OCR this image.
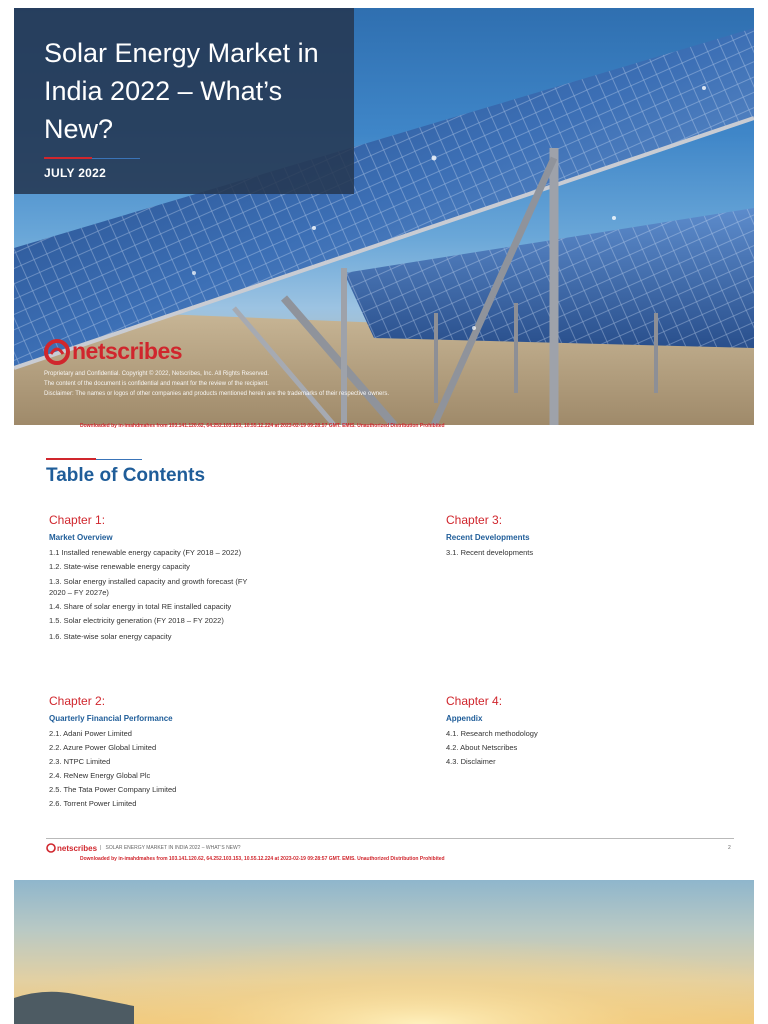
Solar Energy Market in India 2022 – What’s New?
JULY 2022
netscribes
Proprietary and Confidential. Copyright © 2022, Netscribes, Inc. All Rights Reserved.
The content of the document is confidential and meant for the review of the recipient.
Disclaimer: The names or logos of other companies and products mentioned herein are the trademarks of their respective owners.
Downloaded by in-imahdmahes from 103.141.120.62, 64.252.103.153, 10.55.12.224 at 2023-02-19 09:28:57 GMT. EMIS. Unauthorized Distribution Prohibited
Table of Contents
Chapter 1:
Market Overview
1.1 Installed renewable energy capacity (FY 2018 – 2022)
1.2. State-wise renewable energy capacity
1.3. Solar energy installed capacity and growth forecast (FY 2020 – FY 2027e)
1.4. Share of solar energy in total RE installed capacity
1.5. Solar electricity generation (FY 2018 – FY 2022)
1.6. State-wise solar energy capacity
Chapter 2:
Quarterly Financial Performance
2.1. Adani Power Limited
2.2. Azure Power Global Limited
2.3. NTPC Limited
2.4. ReNew Energy Global Plc
2.5. The Tata Power Company Limited
2.6. Torrent Power Limited
Chapter 3:
Recent Developments
3.1. Recent developments
Chapter 4:
Appendix
4.1. Research methodology
4.2. About Netscribes
4.3. Disclaimer
netscribes | SOLAR ENERGY MARKET IN INDIA 2022 – WHAT’S NEW?	2
Downloaded by in-imahdmahes from 103.141.120.62, 64.252.103.153, 10.55.12.224 at 2023-02-19 09:28:57 GMT. EMIS. Unauthorized Distribution Prohibited
